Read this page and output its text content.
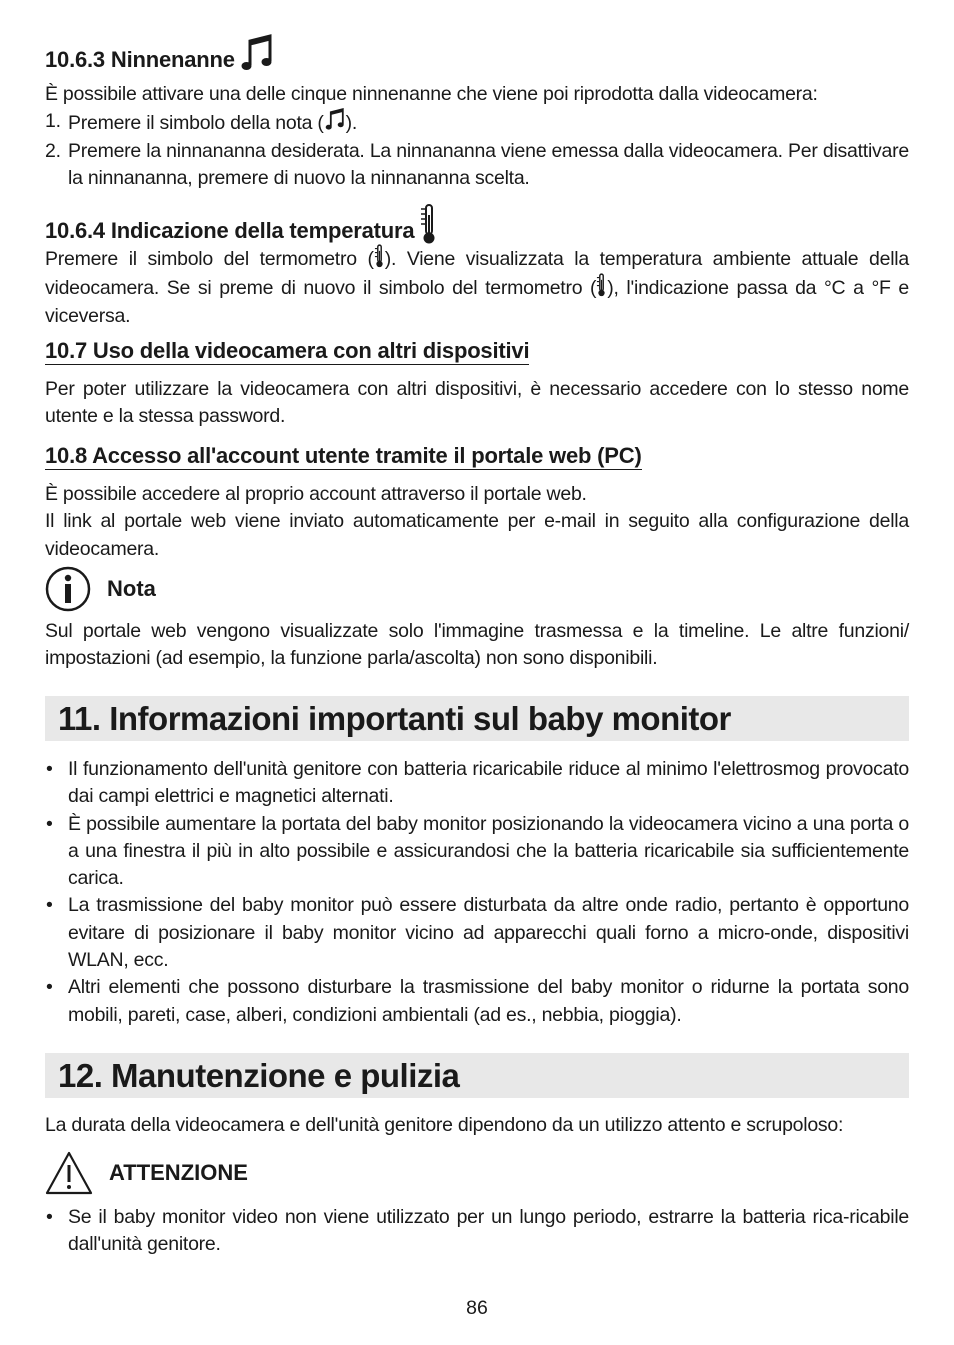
10.6.3 Ninnenanne

È possibile attivare una delle cinque ninnenanne che viene poi riprodotta dalla videocamera:

1. Premere il simbolo della nota ( ).
2. Premere la ninnananna desiderata. La ninnananna viene emessa dalla videocamera. Per disattivare la ninnananna, premere di nuovo la ninnananna scelta.
10.6.4 Indicazione della temperatura

Premere il simbolo del termometro ( ). Viene visualizzata la temperatura ambiente attuale della videocamera. Se si preme di nuovo il simbolo del termometro ( ), l'indicazione passa da °C a °F e viceversa.

10.7 Uso della videocamera con altri dispositivi

Per poter utilizzare la videocamera con altri dispositivi, è necessario accedere con lo stesso nome utente e la stessa password.

10.8 Accesso all'account utente tramite il portale web (PC)

È possibile accedere al proprio account attraverso il portale web.

Il link al portale web viene inviato automaticamente per e-mail in seguito alla configurazione della videocamera.

Nota

Sul portale web vengono visualizzate solo l'immagine trasmessa e la timeline. Le altre funzioni/ impostazioni (ad esempio, la funzione parla/ascolta) non sono disponibili.

11. Informazioni importanti sul baby monitor
• Il funzionamento dell'unità genitore con batteria ricaricabile riduce al minimo l'elettrosmog provocato dai campi elettrici e magnetici alternati.
• È possibile aumentare la portata del baby monitor posizionando la videocamera vicino a una porta o a una finestra il più in alto possibile e assicurandosi che la batteria ricaricabile sia sufficientemente carica.
• La trasmissione del baby monitor può essere disturbata da altre onde radio, pertanto è opportuno evitare di posizionare il baby monitor vicino ad apparecchi quali forno a micro-onde, dispositivi WLAN, ecc.
• Altri elementi che possono disturbare la trasmissione del baby monitor o ridurne la portata sono mobili, pareti, case, alberi, condizioni ambientali (ad es., nebbia, pioggia).
12. Manutenzione e pulizia

La durata della videocamera e dell'unità genitore dipendono da un utilizzo attento e scrupoloso:

ATTENZIONE
• Se il baby monitor video non viene utilizzato per un lungo periodo, estrarre la batteria rica-ricabile dall'unità genitore.
86
